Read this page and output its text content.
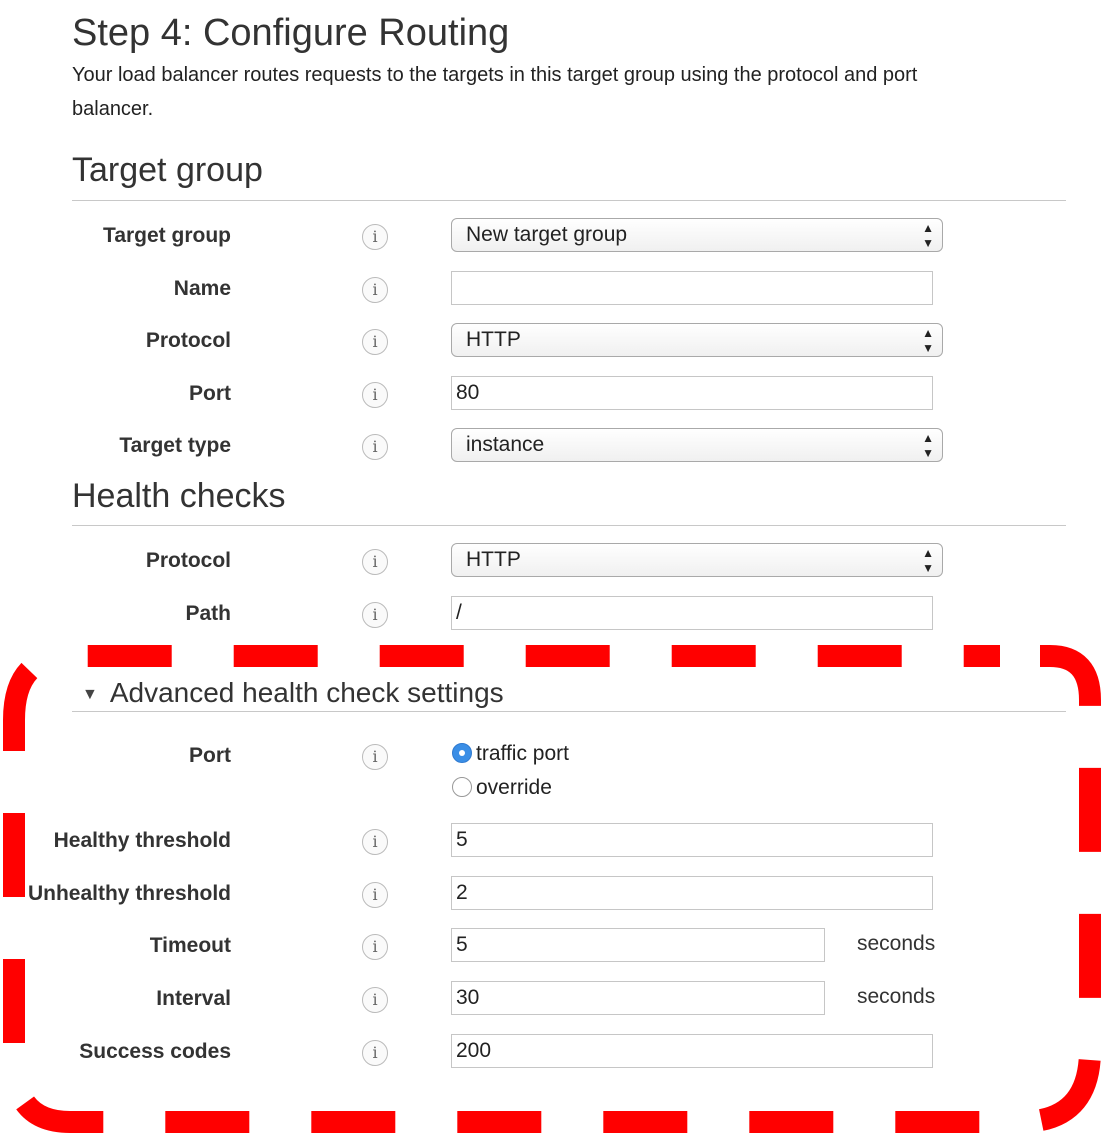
Step 4: Configure Routing
Your load balancer routes requests to the targets in this target group using the protocol and port
balancer.
Target group
Target group	i	New target group	▲
▼
Name	i
Protocol	i	HTTP	▲
▼
Port	i	80
Target type	i	instance	▲
▼
Health checks
Protocol	i	HTTP	▲
▼
Path	i	/
▼ Advanced health check settings
Port	i	traffic port
override
Healthy threshold	i	5
Unhealthy threshold	i	2
Timeout	i	5	seconds
Interval	i	30	seconds
Success codes	i	200
